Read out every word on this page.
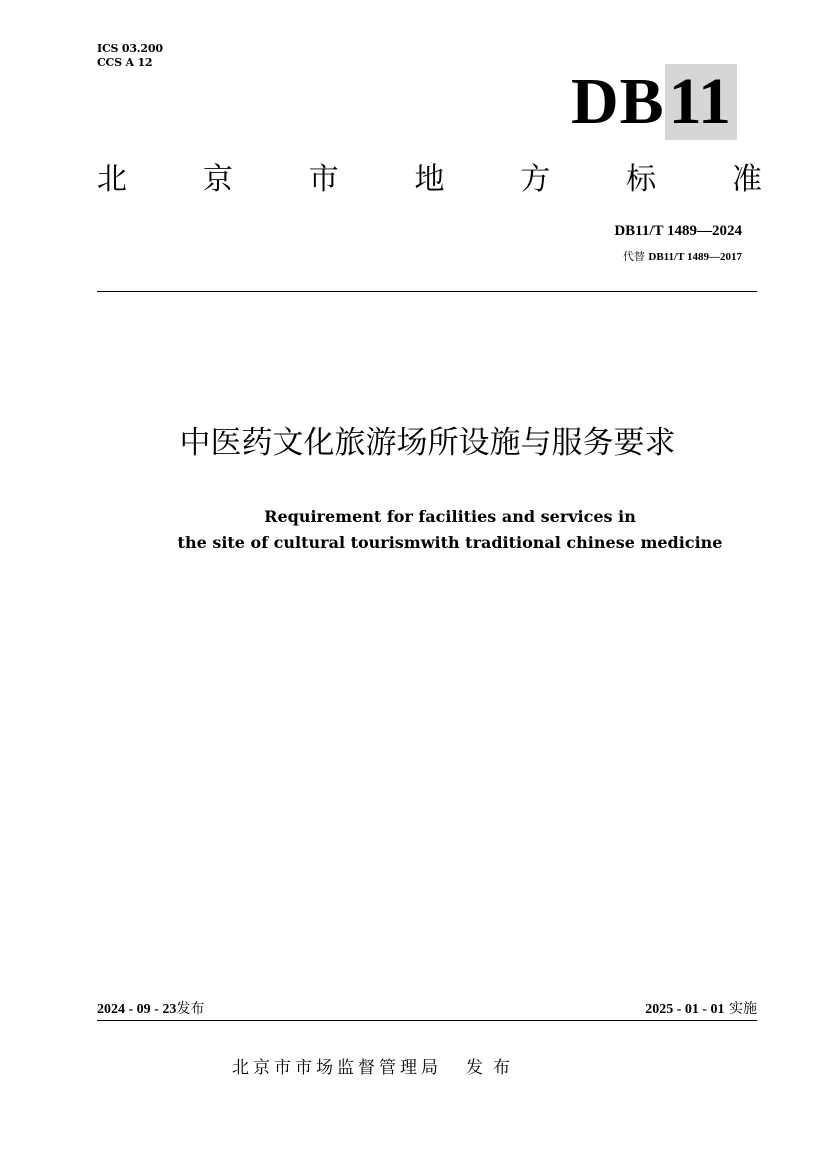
ICS 03.200
CCS A 12
DB 11
北	京	市	地	方	标	准
DB11/T 1489—2024
代替 DB11/T 1489—2017
中医药文化旅游场所设施与服务要求
Requirement for facilities and services in
the site of cultural tourismwith traditional chinese medicine
2024 - 09 - 23发布	2025 - 01 - 01 实施
北京市市场监督管理局 发布
